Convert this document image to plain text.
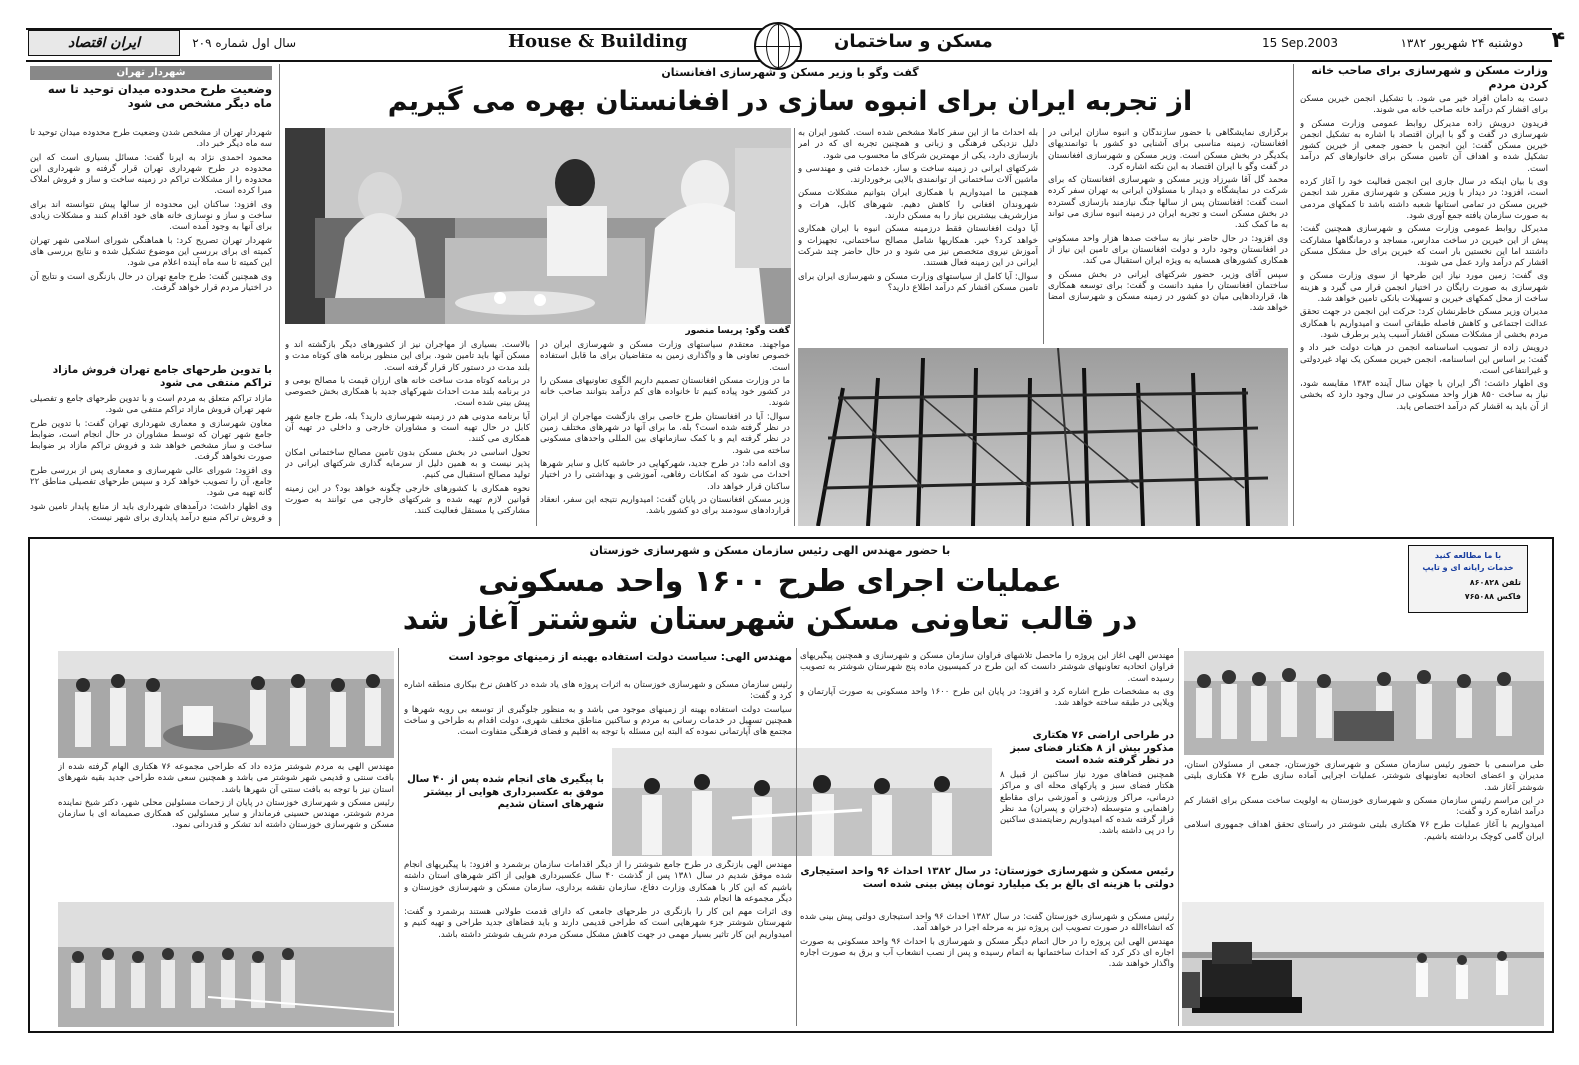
۴
دوشنبه ۲۴ شهریور ۱۳۸۲
15 Sep.2003
مسکن و ساختمان
House & Building
سال اول شماره ۲۰۹
ایران اقتصاد
وزارت مسکن و شهرسازی برای صاحب خانه کردن مردم

دست به دامان افراد خیر می شود. با تشکیل انجمن خیرین مسکن برای اقشار کم درآمد خانه صاحب خانه می شوند.

فریدون درویش زاده مدیرکل روابط عمومی وزارت مسکن و شهرسازی در گفت و گو با ایران اقتصاد با اشاره به تشکیل انجمن خیرین مسکن گفت: این انجمن با حضور جمعی از خیرین کشور تشکیل شده و اهداف آن تامین مسکن برای خانوارهای کم درآمد است.

وی با بیان اینکه در سال جاری این انجمن فعالیت خود را آغاز کرده است، افزود: در دیدار با وزیر مسکن و شهرسازی مقرر شد انجمن خیرین مسکن در تمامی استانها شعبه داشته باشد تا کمکهای مردمی به صورت سازمان یافته جمع آوری شود.

مدیرکل روابط عمومی وزارت مسکن و شهرسازی همچنین گفت: پیش از این خیرین در ساخت مدارس، مساجد و درمانگاهها مشارکت داشتند اما این نخستین بار است که خیرین برای حل مشکل مسکن اقشار کم درآمد وارد عمل می شوند.

وی گفت: زمین مورد نیاز این طرحها از سوی وزارت مسکن و شهرسازی به صورت رایگان در اختیار انجمن قرار می گیرد و هزینه ساخت از محل کمکهای خیرین و تسهیلات بانکی تامین خواهد شد.

مدیران وزیر مسکن خاطرنشان کرد: حرکت این انجمن در جهت تحقق عدالت اجتماعی و کاهش فاصله طبقاتی است و امیدواریم با همکاری مردم بخشی از مشکلات مسکن اقشار آسیب پذیر برطرف شود.

درویش زاده از تصویب اساسنامه انجمن در هیات دولت خبر داد و گفت: بر اساس این اساسنامه، انجمن خیرین مسکن یک نهاد غیردولتی و غیرانتفاعی است.

وی اظهار داشت: اگر ایران با جهان سال آینده ۱۳۸۳ مقایسه شود، نیاز به ساخت ۸۵۰ هزار واحد مسکونی در سال وجود دارد که بخشی از آن باید به اقشار کم درآمد اختصاص یابد.

شهردار تهران
وضعیت طرح محدوده میدان توحید تا سه ماه دیگر مشخص می شود

شهردار تهران از مشخص شدن وضعیت طرح محدوده میدان توحید تا سه ماه دیگر خبر داد.

محمود احمدی نژاد به ایرنا گفت: مسائل بسیاری است که این محدوده در طرح شهرداری تهران قرار گرفته و شهرداری این محدوده را از مشکلات تراکم در زمینه ساخت و ساز و فروش املاک مبرا کرده است.

وی افزود: ساکنان این محدوده از سالها پیش نتوانسته اند برای ساخت و ساز و نوسازی خانه های خود اقدام کنند و مشکلات زیادی برای آنها به وجود آمده است.

شهردار تهران تصریح کرد: با هماهنگی شورای اسلامی شهر تهران کمیته ای برای بررسی این موضوع تشکیل شده و نتایج بررسی های این کمیته تا سه ماه آینده اعلام می شود.

وی همچنین گفت: طرح جامع تهران در حال بازنگری است و نتایج آن در اختیار مردم قرار خواهد گرفت.

با تدوین طرحهای جامع تهران فروش مازاد تراکم منتفی می شود

مازاد تراکم متعلق به مردم است و با تدوین طرحهای جامع و تفصیلی شهر تهران فروش مازاد تراکم منتفی می شود.

معاون شهرسازی و معماری شهرداری تهران گفت: با تدوین طرح جامع شهر تهران که توسط مشاوران در حال انجام است، ضوابط ساخت و ساز مشخص خواهد شد و فروش تراکم مازاد بر ضوابط صورت نخواهد گرفت.

وی افزود: شورای عالی شهرسازی و معماری پس از بررسی طرح جامع، آن را تصویب خواهد کرد و سپس طرحهای تفصیلی مناطق ۲۲ گانه تهیه می شود.

وی اظهار داشت: درآمدهای شهرداری باید از منابع پایدار تامین شود و فروش تراکم منبع درآمد پایداری برای شهر نیست.

گفت وگو با وزیر مسکن و شهرسازی افغانستان
از تجربه ایران برای انبوه سازی در افغانستان بهره می گیریم
گفت وگو: پریسا منصور

بالاست. بسیاری از مهاجران نیز از کشورهای دیگر بازگشته اند و مسکن آنها باید تامین شود. برای این منظور برنامه های کوتاه مدت و بلند مدت در دستور کار قرار گرفته است.

در برنامه کوتاه مدت ساخت خانه های ارزان قیمت با مصالح بومی و در برنامه بلند مدت احداث شهرکهای جدید با همکاری بخش خصوصی پیش بینی شده است.

آیا برنامه مدونی هم در زمینه شهرسازی دارید؟ بله، طرح جامع شهر کابل در حال تهیه است و مشاوران خارجی و داخلی در تهیه آن همکاری می کنند.

تحول اساسی در بخش مسکن بدون تامین مصالح ساختمانی امکان پذیر نیست و به همین دلیل از سرمایه گذاری شرکتهای ایرانی در تولید مصالح استقبال می کنیم.

نحوه همکاری با کشورهای خارجی چگونه خواهد بود؟ در این زمینه قوانین لازم تهیه شده و شرکتهای خارجی می توانند به صورت مشارکتی یا مستقل فعالیت کنند.

مواجهند. معتقدم سیاستهای وزارت مسکن و شهرسازی ایران در خصوص تعاونی ها و واگذاری زمین به متقاضیان برای ما قابل استفاده است.

ما در وزارت مسکن افغانستان تصمیم داریم الگوی تعاونیهای مسکن را در کشور خود پیاده کنیم تا خانواده های کم درآمد بتوانند صاحب خانه شوند.

سوال: آیا در افغانستان طرح خاصی برای بازگشت مهاجران از ایران در نظر گرفته شده است؟ بله. ما برای آنها در شهرهای مختلف زمین در نظر گرفته ایم و با کمک سازمانهای بین المللی واحدهای مسکونی ساخته می شود.

وی ادامه داد: در طرح جدید، شهرکهایی در حاشیه کابل و سایر شهرها احداث می شود که امکانات رفاهی، آموزشی و بهداشتی را در اختیار ساکنان قرار خواهد داد.

وزیر مسکن افغانستان در پایان گفت: امیدواریم نتیجه این سفر، انعقاد قراردادهای سودمند برای دو کشور باشد.

بله احداث ما از این سفر کاملا مشخص شده است. کشور ایران به دلیل نزدیکی فرهنگی و زبانی و همچنین تجربه ای که در امر بازسازی دارد، یکی از مهمترین شرکای ما محسوب می شود.

شرکتهای ایرانی در زمینه ساخت و ساز، خدمات فنی و مهندسی و ماشین آلات ساختمانی از توانمندی بالایی برخوردارند.

همچنین ما امیدواریم با همکاری ایران بتوانیم مشکلات مسکن شهروندان افغانی را کاهش دهیم. شهرهای کابل، هرات و مزارشریف بیشترین نیاز را به مسکن دارند.

آیا دولت افغانستان فقط درزمینه مسکن انبوه با ایران همکاری خواهد کرد؟ خیر. همکاریها شامل مصالح ساختمانی، تجهیزات و آموزش نیروی متخصص نیز می شود و در حال حاضر چند شرکت ایرانی در این زمینه فعال هستند.

سوال: آیا کامل از سیاستهای وزارت مسکن و شهرسازی ایران برای تامین مسکن اقشار کم درآمد اطلاع دارید؟

برگزاری نمایشگاهی با حضور سازندگان و انبوه سازان ایرانی در افغانستان، زمینه مناسبی برای آشنایی دو کشور با توانمندیهای یکدیگر در بخش مسکن است. وزیر مسکن و شهرسازی افغانستان در گفت وگو با ایران اقتصاد به این نکته اشاره کرد.

محمد گل آقا شیرزاد وزیر مسکن و شهرسازی افغانستان که برای شرکت در نمایشگاه و دیدار با مسئولان ایرانی به تهران سفر کرده است گفت: افغانستان پس از سالها جنگ نیازمند بازسازی گسترده در بخش مسکن است و تجربه ایران در زمینه انبوه سازی می تواند به ما کمک کند.

وی افزود: در حال حاضر نیاز به ساخت صدها هزار واحد مسکونی در افغانستان وجود دارد و دولت افغانستان برای تامین این نیاز از همکاری کشورهای همسایه به ویژه ایران استقبال می کند.

سپس آقای وزیر، حضور شرکتهای ایرانی در بخش مسکن و ساختمان افغانستان را مفید دانست و گفت: برای توسعه همکاری ها، قراردادهایی میان دو کشور در زمینه مسکن و شهرسازی امضا خواهد شد.

با حضور مهندس الهی رئیس سازمان مسکن و شهرسازی خوزستان
عملیات اجرای طرح ۱۶۰۰ واحد مسکونی
در قالب تعاونی مسکن شهرستان شوشتر آغاز شد
با ما مطالعه کنید
خدمات رایانه ای و تایپ
تلفن ۸۶۰۸۲۸
فاکس ۷۶۵۰۸۸

طی مراسمی با حضور رئیس سازمان مسکن و شهرسازی خوزستان، جمعی از مسئولان استان، مدیران و اعضای اتحادیه تعاونیهای شوشتر، عملیات اجرایی آماده سازی طرح ۷۶ هکتاری بلیتی شوشتر آغاز شد.

در این مراسم رئیس سازمان مسکن و شهرسازی خوزستان به اولویت ساخت مسکن برای اقشار کم درآمد اشاره کرد و گفت:

امیدواریم با آغاز عملیات طرح ۷۶ هکتاری بلیتی شوشتر در راستای تحقق اهداف جمهوری اسلامی ایران گامی کوچک برداشته باشیم.

مهندس الهی آغاز این پروژه را ماحصل تلاشهای فراوان سازمان مسکن و شهرسازی و همچنین پیگیریهای فراوان اتحادیه تعاونیهای شوشتر دانست که این طرح در کمیسیون ماده پنج شهرستان شوشتر به تصویب رسیده است.

وی به مشخصات طرح اشاره کرد و افزود: در پایان این طرح ۱۶۰۰ واحد مسکونی به صورت آپارتمان و ویلایی در طبقه ساخته خواهد شد.

در طراحی اراضی ۷۶ هکتاری مذکور بیش از ۸ هکتار فضای سبز در نظر گرفته شده است

همچنین فضاهای مورد نیاز ساکنین از قبیل ۸ هکتار فضای سبز و پارکهای محله ای و مراکز درمانی، مراکز ورزشی و آموزشی برای مقاطع راهنمایی و متوسطه (دختران و پسران) مد نظر قرار گرفته شده که امیدواریم رضایتمندی ساکنین را در پی داشته باشد.

رئیس مسکن و شهرسازی خوزستان: در سال ۱۳۸۲ احداث ۹۶ واحد استیجاری دولتی با هزینه ای بالغ بر یک میلیارد تومان پیش بینی شده است

رئیس مسکن و شهرسازی خوزستان گفت: در سال ۱۳۸۲ احداث ۹۶ واحد استیجاری دولتی پیش بینی شده که انشاءالله در صورت تصویب این پروژه نیز به مرحله اجرا در خواهد آمد.

مهندس الهی این پروژه را در حال اتمام دیگر مسکن و شهرسازی با احداث ۹۶ واحد مسکونی به صورت اجاره ای ذکر کرد که احداث ساختمانها به اتمام رسیده و پس از نصب انشعاب آب و برق به صورت اجاره واگذار خواهند شد.

مهندس الهی: سیاست دولت استفاده بهینه از زمینهای موجود است

رئیس سازمان مسکن و شهرسازی خوزستان به اثرات پروژه های یاد شده در کاهش نرخ بیکاری منطقه اشاره کرد و گفت:

سیاست دولت استفاده بهینه از زمینهای موجود می باشد و به منظور جلوگیری از توسعه بی رویه شهرها و همچنین تسهیل در خدمات رسانی به مردم و ساکنین مناطق مختلف شهری، دولت اقدام به طراحی و ساخت مجتمع های آپارتمانی نموده که البته این مسئله با توجه به اقلیم و فضای فرهنگی متفاوت است.

با پیگیری های انجام شده پس از ۴۰ سال موفق به عکسبرداری هوایی از بیشتر شهرهای استان شدیم

مهندس الهی بازنگری در طرح جامع شوشتر را از دیگر اقدامات سازمان برشمرد و افزود: با پیگیریهای انجام شده موفق شدیم در سال ۱۳۸۱ پس از گذشت ۴۰ سال عکسبرداری هوایی از اکثر شهرهای استان داشته باشیم که این کار با همکاری وزارت دفاع، سازمان نقشه برداری، سازمان مسکن و شهرسازی خوزستان و دیگر مجموعه ها انجام شد.

وی اثرات مهم این کار را بازنگری در طرحهای جامعی که دارای قدمت طولانی هستند برشمرد و گفت: شهرستان شوشتر جزء شهرهایی است که طراحی قدیمی دارند و باید فضاهای جدید طراحی و تهیه کنیم و امیدواریم این کار تاثیر بسیار مهمی در جهت کاهش مشکل مسکن مردم شریف شوشتر داشته باشد.

مهندس الهی به مردم شوشتر مژده داد که طراحی مجموعه ۷۶ هکتاری الهام گرفته شده از بافت سنتی و قدیمی شهر شوشتر می باشد و همچنین سعی شده طراحی جدید بقیه شهرهای استان نیز با توجه به بافت سنتی آن شهرها باشد.

رئیس مسکن و شهرسازی خوزستان در پایان از زحمات مسئولین محلی شهر، دکتر شیخ نماینده مردم شوشتر، مهندس حسینی فرماندار و سایر مسئولین که همکاری صمیمانه ای با سازمان مسکن و شهرسازی خوزستان داشته اند تشکر و قدردانی نمود.
